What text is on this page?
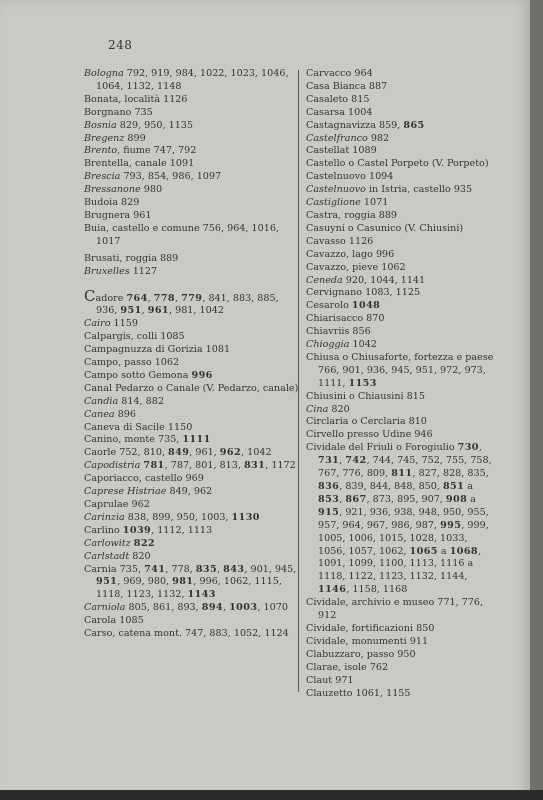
248

Bologna 792, 919, 984, 1022, 1023, 1046, 1064, 1132, 1148

Bonata, località 1126

Borgnano 735

Bosnia 829, 950, 1135

Bregenz 899

Brento, fiume 747, 792

Brentella, canale 1091

Brescia 793, 854, 986, 1097

Bressanone 980

Budoia 829

Brugnera 961

Buia, castello e comune 756, 964, 1016, 1017

Brusati, roggia 889

Bruxelles 1127

Cadore 764, 778, 779, 841, 883, 885, 936, 951, 961, 981, 1042

Cairo 1159

Calpargis, colli 1085

Campagnuzza di Gorizia 1081

Campo, passo 1062

Campo sotto Gemona 996

Canal Pedarzo o Canale (V. Pedarzo, canale)

Candia 814, 882

Canea 896

Caneva di Sacile 1150

Canino, monte 735, 1111

Caorle 752, 810, 849, 961, 962, 1042

Capodistria 781, 787, 801, 813, 831, 1172

Caporiacco, castello 969

Caprese Histriae 849, 962

Caprulae 962

Carinzia 838, 899, 950, 1003, 1130

Carlino 1039, 1112, 1113

Carlowitz 822

Carlstadt 820

Carnia 735, 741, 778, 835, 843, 901, 945, 951, 969, 980, 981, 996, 1062, 1115, 1118, 1123, 1132, 1143

Carniola 805, 861, 893, 894, 1003, 1070

Carola 1085

Carso, catena mont. 747, 883, 1052, 1124

Carvacco 964

Casa Bianca 887

Casaleto 815

Casarsa 1004

Castagnavizza 859, 865

Castelfranco 982

Castellat 1089

Castello o Castel Porpeto (V. Porpeto)

Castelnuovo 1094

Castelnuovo in Istria, castello 935

Castiglione 1071

Castra, roggia 889

Casuyni o Casunico (V. Chiusini)

Cavasso 1126

Cavazzo, lago 996

Cavazzo, pieve 1062

Ceneda 920, 1044, 1141

Cervignano 1083, 1125

Cesarolo 1048

Chiarisacco 870

Chiavriis 856

Chioggia 1042

Chiusa o Chiusaforte, fortezza e paese 766, 901, 936, 945, 951, 972, 973, 1111, 1153

Chiusini o Chiausini 815

Cina 820

Circlaria o Cerclaria 810

Cirvello presso Udine 946

Cividale del Friuli o Forogiulio 730, 731, 742, 744, 745, 752, 755, 758, 767, 776, 809, 811, 827, 828, 835, 836, 839, 844, 848, 850, 851 a 853, 867, 873, 895, 907, 908 a 915, 921, 936, 938, 948, 950, 955, 957, 964, 967, 986, 987, 995, 999, 1005, 1006, 1015, 1028, 1033, 1056, 1057, 1062, 1065 a 1068, 1091, 1099, 1100, 1113, 1116 a 1118, 1122, 1123, 1132, 1144, 1146, 1158, 1168

Cividale, archivio e museo 771, 776, 912

Cividale, fortificazioni 850

Cividale, monumenti 911

Clabuzzaro, passo 950

Clarae, isole 762

Claut 971

Clauzetto 1061, 1155
